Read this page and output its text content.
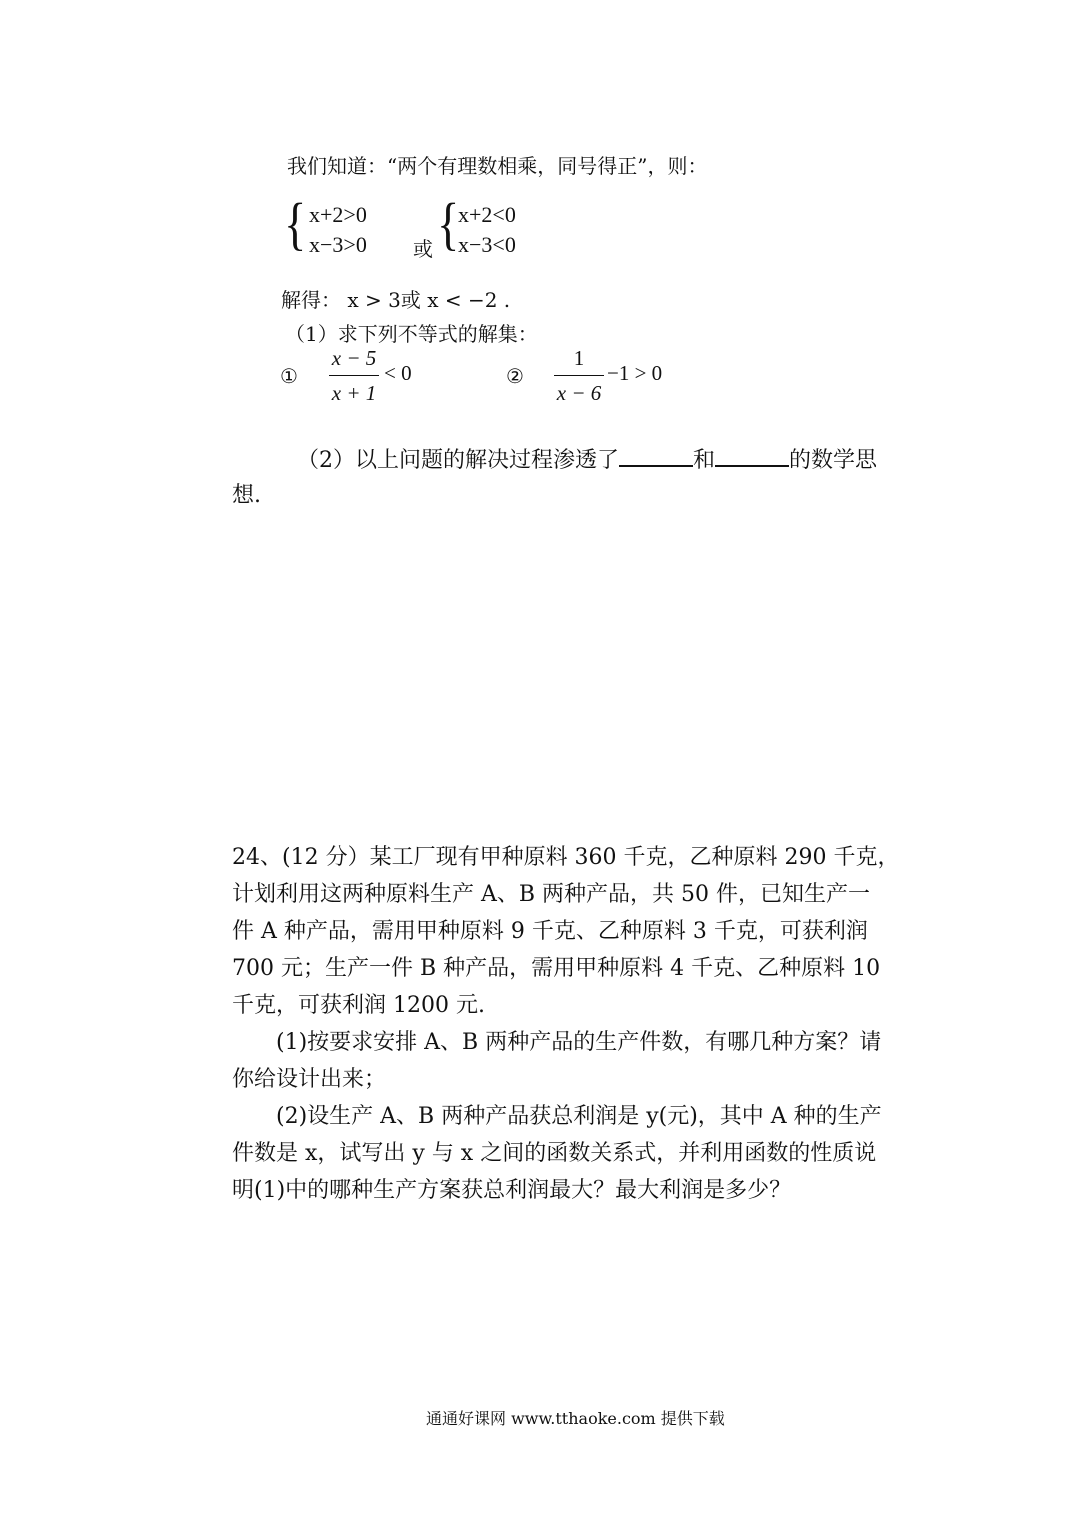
我们知道：“两个有理数相乘，同号得正”，则：
{ x+2>0
x−3>0 或 {
x+2<0
x−3<0
解得： x > 3或 x < −2 .
（1）求下列不等式的解集：
①
x − 5
x + 1
< 0	②
1
x − 6
−1 > 0
（2）以上问题的解决过程渗透了	和	的数学思
想.
24、(12 分）某工厂现有甲种原料 360 千克，乙种原料 290 千克，
计划利用这两种原料生产 A、B 两种产品，共 50 件，已知生产一
件 A 种产品，需用甲种原料 9 千克、乙种原料 3 千克，可获利润
700 元；生产一件 B 种产品，需用甲种原料 4 千克、乙种原料 10
千克，可获利润 1200 元.
(1)按要求安排 A、B 两种产品的生产件数，有哪几种方案？请
你给设计出来；
(2)设生产 A、B 两种产品获总利润是 y(元)，其中 A 种的生产
件数是 x，试写出 y 与 x 之间的函数关系式，并利用函数的性质说
明(1)中的哪种生产方案获总利润最大？最大利润是多少？
通通好课网 www.tthaoke.com 提供下载
